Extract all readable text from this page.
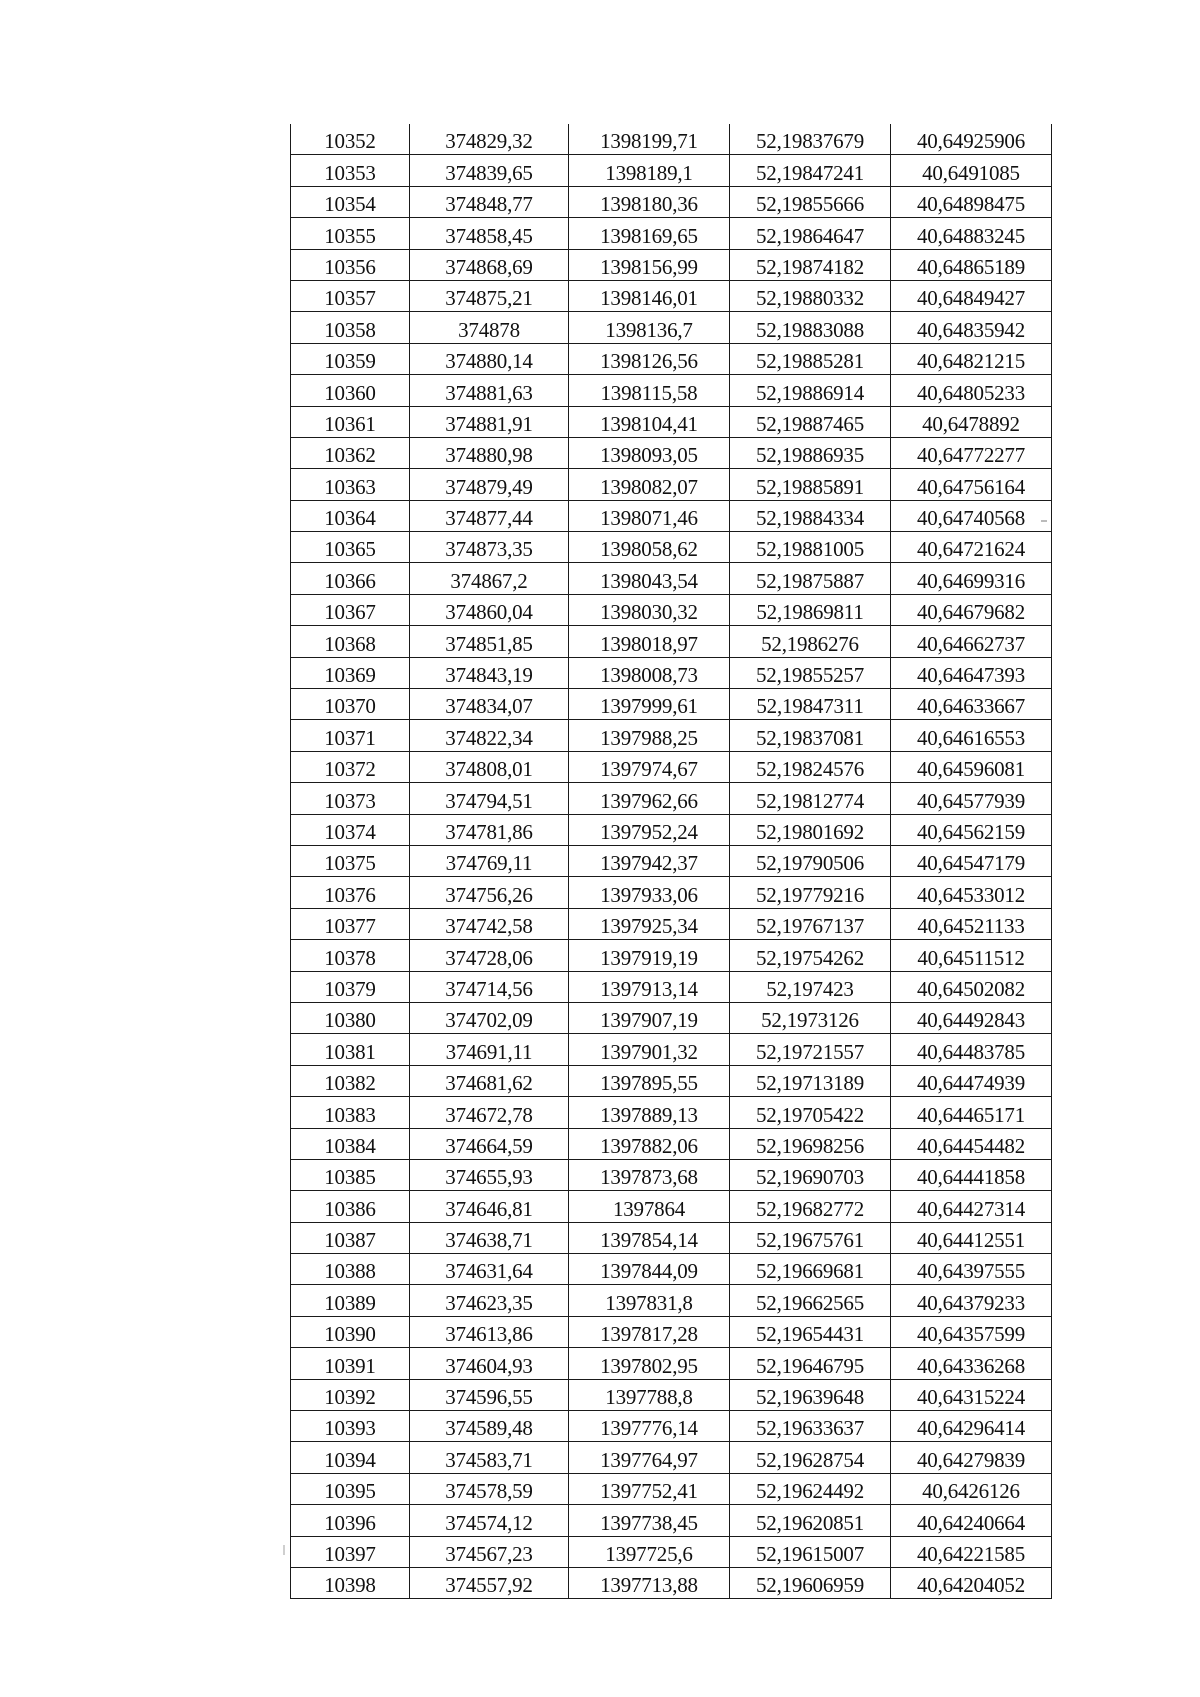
10352	374829,32	1398199,71	52,19837679	40,64925906
10353	374839,65	1398189,1	52,19847241	40,6491085
10354	374848,77	1398180,36	52,19855666	40,64898475
10355	374858,45	1398169,65	52,19864647	40,64883245
10356	374868,69	1398156,99	52,19874182	40,64865189
10357	374875,21	1398146,01	52,19880332	40,64849427
10358	374878	1398136,7	52,19883088	40,64835942
10359	374880,14	1398126,56	52,19885281	40,64821215
10360	374881,63	1398115,58	52,19886914	40,64805233
10361	374881,91	1398104,41	52,19887465	40,6478892
10362	374880,98	1398093,05	52,19886935	40,64772277
10363	374879,49	1398082,07	52,19885891	40,64756164
10364	374877,44	1398071,46	52,19884334	40,64740568
10365	374873,35	1398058,62	52,19881005	40,64721624
10366	374867,2	1398043,54	52,19875887	40,64699316
10367	374860,04	1398030,32	52,19869811	40,64679682
10368	374851,85	1398018,97	52,1986276	40,64662737
10369	374843,19	1398008,73	52,19855257	40,64647393
10370	374834,07	1397999,61	52,19847311	40,64633667
10371	374822,34	1397988,25	52,19837081	40,64616553
10372	374808,01	1397974,67	52,19824576	40,64596081
10373	374794,51	1397962,66	52,19812774	40,64577939
10374	374781,86	1397952,24	52,19801692	40,64562159
10375	374769,11	1397942,37	52,19790506	40,64547179
10376	374756,26	1397933,06	52,19779216	40,64533012
10377	374742,58	1397925,34	52,19767137	40,64521133
10378	374728,06	1397919,19	52,19754262	40,64511512
10379	374714,56	1397913,14	52,197423	40,64502082
10380	374702,09	1397907,19	52,1973126	40,64492843
10381	374691,11	1397901,32	52,19721557	40,64483785
10382	374681,62	1397895,55	52,19713189	40,64474939
10383	374672,78	1397889,13	52,19705422	40,64465171
10384	374664,59	1397882,06	52,19698256	40,64454482
10385	374655,93	1397873,68	52,19690703	40,64441858
10386	374646,81	1397864	52,19682772	40,64427314
10387	374638,71	1397854,14	52,19675761	40,64412551
10388	374631,64	1397844,09	52,19669681	40,64397555
10389	374623,35	1397831,8	52,19662565	40,64379233
10390	374613,86	1397817,28	52,19654431	40,64357599
10391	374604,93	1397802,95	52,19646795	40,64336268
10392	374596,55	1397788,8	52,19639648	40,64315224
10393	374589,48	1397776,14	52,19633637	40,64296414
10394	374583,71	1397764,97	52,19628754	40,64279839
10395	374578,59	1397752,41	52,19624492	40,6426126
10396	374574,12	1397738,45	52,19620851	40,64240664
10397	374567,23	1397725,6	52,19615007	40,64221585
10398	374557,92	1397713,88	52,19606959	40,64204052
